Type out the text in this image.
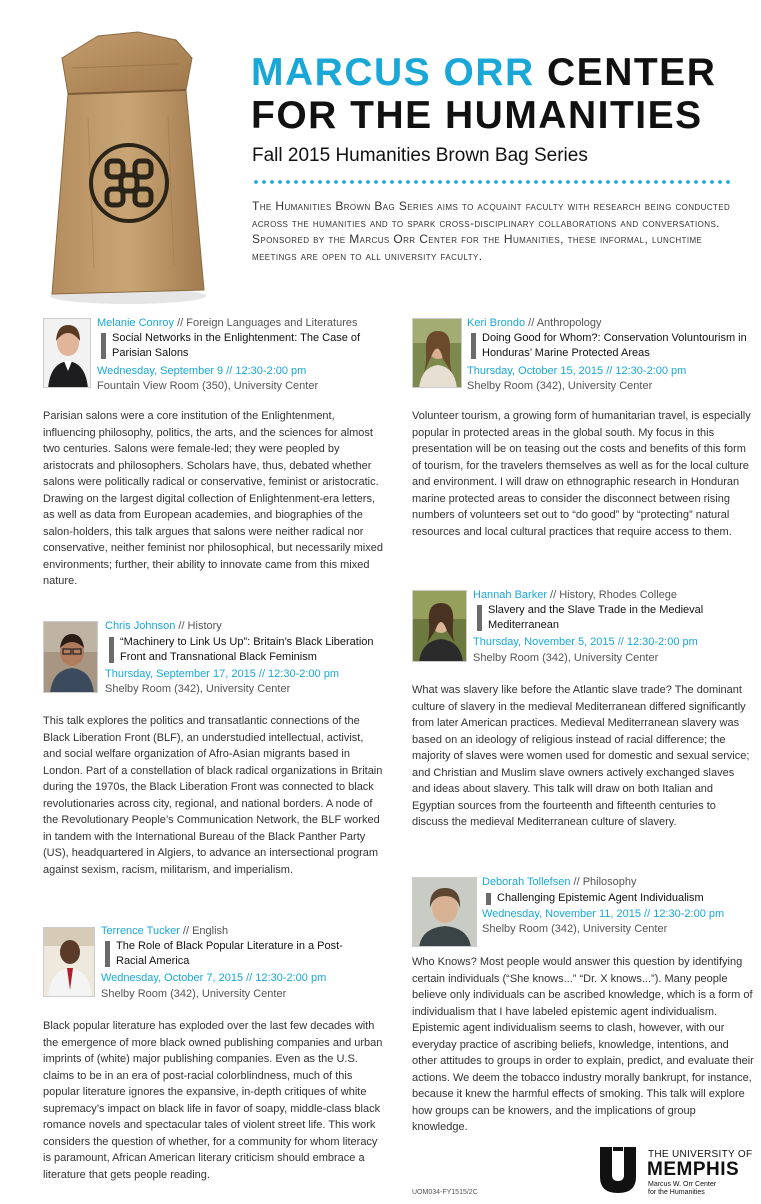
MARCUS ORR CENTER
FOR THE HUMANITIES
Fall 2015 Humanities Brown Bag Series
The Humanities Brown Bag Series aims to acquaint faculty with research being conducted across the humanities and to spark cross-disciplinary collaborations and conversations. Sponsored by the Marcus Orr Center for the Humanities, these informal, lunchtime meetings are open to all university faculty.
Melanie Conroy // Foreign Languages and Literatures
Social Networks in the Enlightenment: The Case of Parisian Salons
Wednesday, September 9 // 12:30-2:00 pm
Fountain View Room (350), University Center
Parisian salons were a core institution of the Enlightenment, influencing philosophy, politics, the arts, and the sciences for almost two centuries. Salons were female-led; they were peopled by aristocrats and philosophers. Scholars have, thus, debated whether salons were politically radical or conservative, feminist or aristocratic. Drawing on the largest digital collection of Enlightenment-era letters, as well as data from European academies, and biographies of the salon-holders, this talk argues that salons were neither radical nor conservative, neither feminist nor philosophical, but necessarily mixed environments; further, their ability to innovate came from this mixed nature.
Chris Johnson // History
“Machinery to Link Us Up”: Britain’s Black Liberation Front and Transnational Black Feminism
Thursday, September 17, 2015 // 12:30-2:00 pm
Shelby Room (342), University Center
This talk explores the politics and transatlantic connections of the Black Liberation Front (BLF), an understudied intellectual, activist, and social welfare organization of Afro-Asian migrants based in London. Part of a constellation of black radical organizations in Britain during the 1970s, the Black Liberation Front was connected to black revolutionaries across city, regional, and national borders. A node of the Revolutionary People’s Communication Network, the BLF worked in tandem with the International Bureau of the Black Panther Party (US), headquartered in Algiers, to advance an intersectional program against sexism, racism, militarism, and imperialism.
Terrence Tucker // English
The Role of Black Popular Literature in a Post-Racial America
Wednesday, October 7, 2015 // 12:30-2:00 pm
Shelby Room (342), University Center
Black popular literature has exploded over the last few decades with the emergence of more black owned publishing companies and urban imprints of (white) major publishing companies. Even as the U.S. claims to be in an era of post-racial colorblindness, much of this popular literature ignores the expansive, in-depth critiques of white supremacy’s impact on black life in favor of soapy, middle-class black romance novels and spectacular tales of violent street life. This work considers the question of whether, for a community for whom literacy is paramount, African American literary criticism should embrace a literature that gets people reading.
Keri Brondo // Anthropology
Doing Good for Whom?: Conservation Voluntourism in Honduras’ Marine Protected Areas
Thursday, October 15, 2015 // 12:30-2:00 pm
Shelby Room (342), University Center
Volunteer tourism, a growing form of humanitarian travel, is especially popular in protected areas in the global south. My focus in this presentation will be on teasing out the costs and benefits of this form of tourism, for the travelers themselves as well as for the local culture and environment. I will draw on ethnographic research in Honduran marine protected areas to consider the disconnect between rising numbers of volunteers set out to “do good” by “protecting” natural resources and local cultural practices that require access to them.
Hannah Barker // History, Rhodes College
Slavery and the Slave Trade in the Medieval Mediterranean
Thursday, November 5, 2015 // 12:30-2:00 pm
Shelby Room (342), University Center
What was slavery like before the Atlantic slave trade? The dominant culture of slavery in the medieval Mediterranean differed significantly from later American practices. Medieval Mediterranean slavery was based on an ideology of religious instead of racial difference; the majority of slaves were women used for domestic and sexual service; and Christian and Muslim slave owners actively exchanged slaves and ideas about slavery. This talk will draw on both Italian and Egyptian sources from the fourteenth and fifteenth centuries to discuss the medieval Mediterranean culture of slavery.
Deborah Tollefsen // Philosophy
Challenging Epistemic Agent Individualism
Wednesday, November 11, 2015 // 12:30-2:00 pm
Shelby Room (342), University Center
Who Knows? Most people would answer this question by identifying certain individuals (“She knows...” “Dr. X knows...”). Many people believe only individuals can be ascribed knowledge, which is a form of individualism that I have labeled epistemic agent individualism. Epistemic agent individualism seems to clash, however, with our everyday practice of ascribing beliefs, knowledge, intentions, and other attitudes to groups in order to explain, predict, and evaluate their actions. We deem the tobacco industry morally bankrupt, for instance, because it knew the harmful effects of smoking. This talk will explore how groups can be knowers, and the implications of group knowledge.
UOM034-FY1515/2C
THE UNIVERSITY OF
MEMPHIS
Marcus W. Orr Center
for the Humanities
